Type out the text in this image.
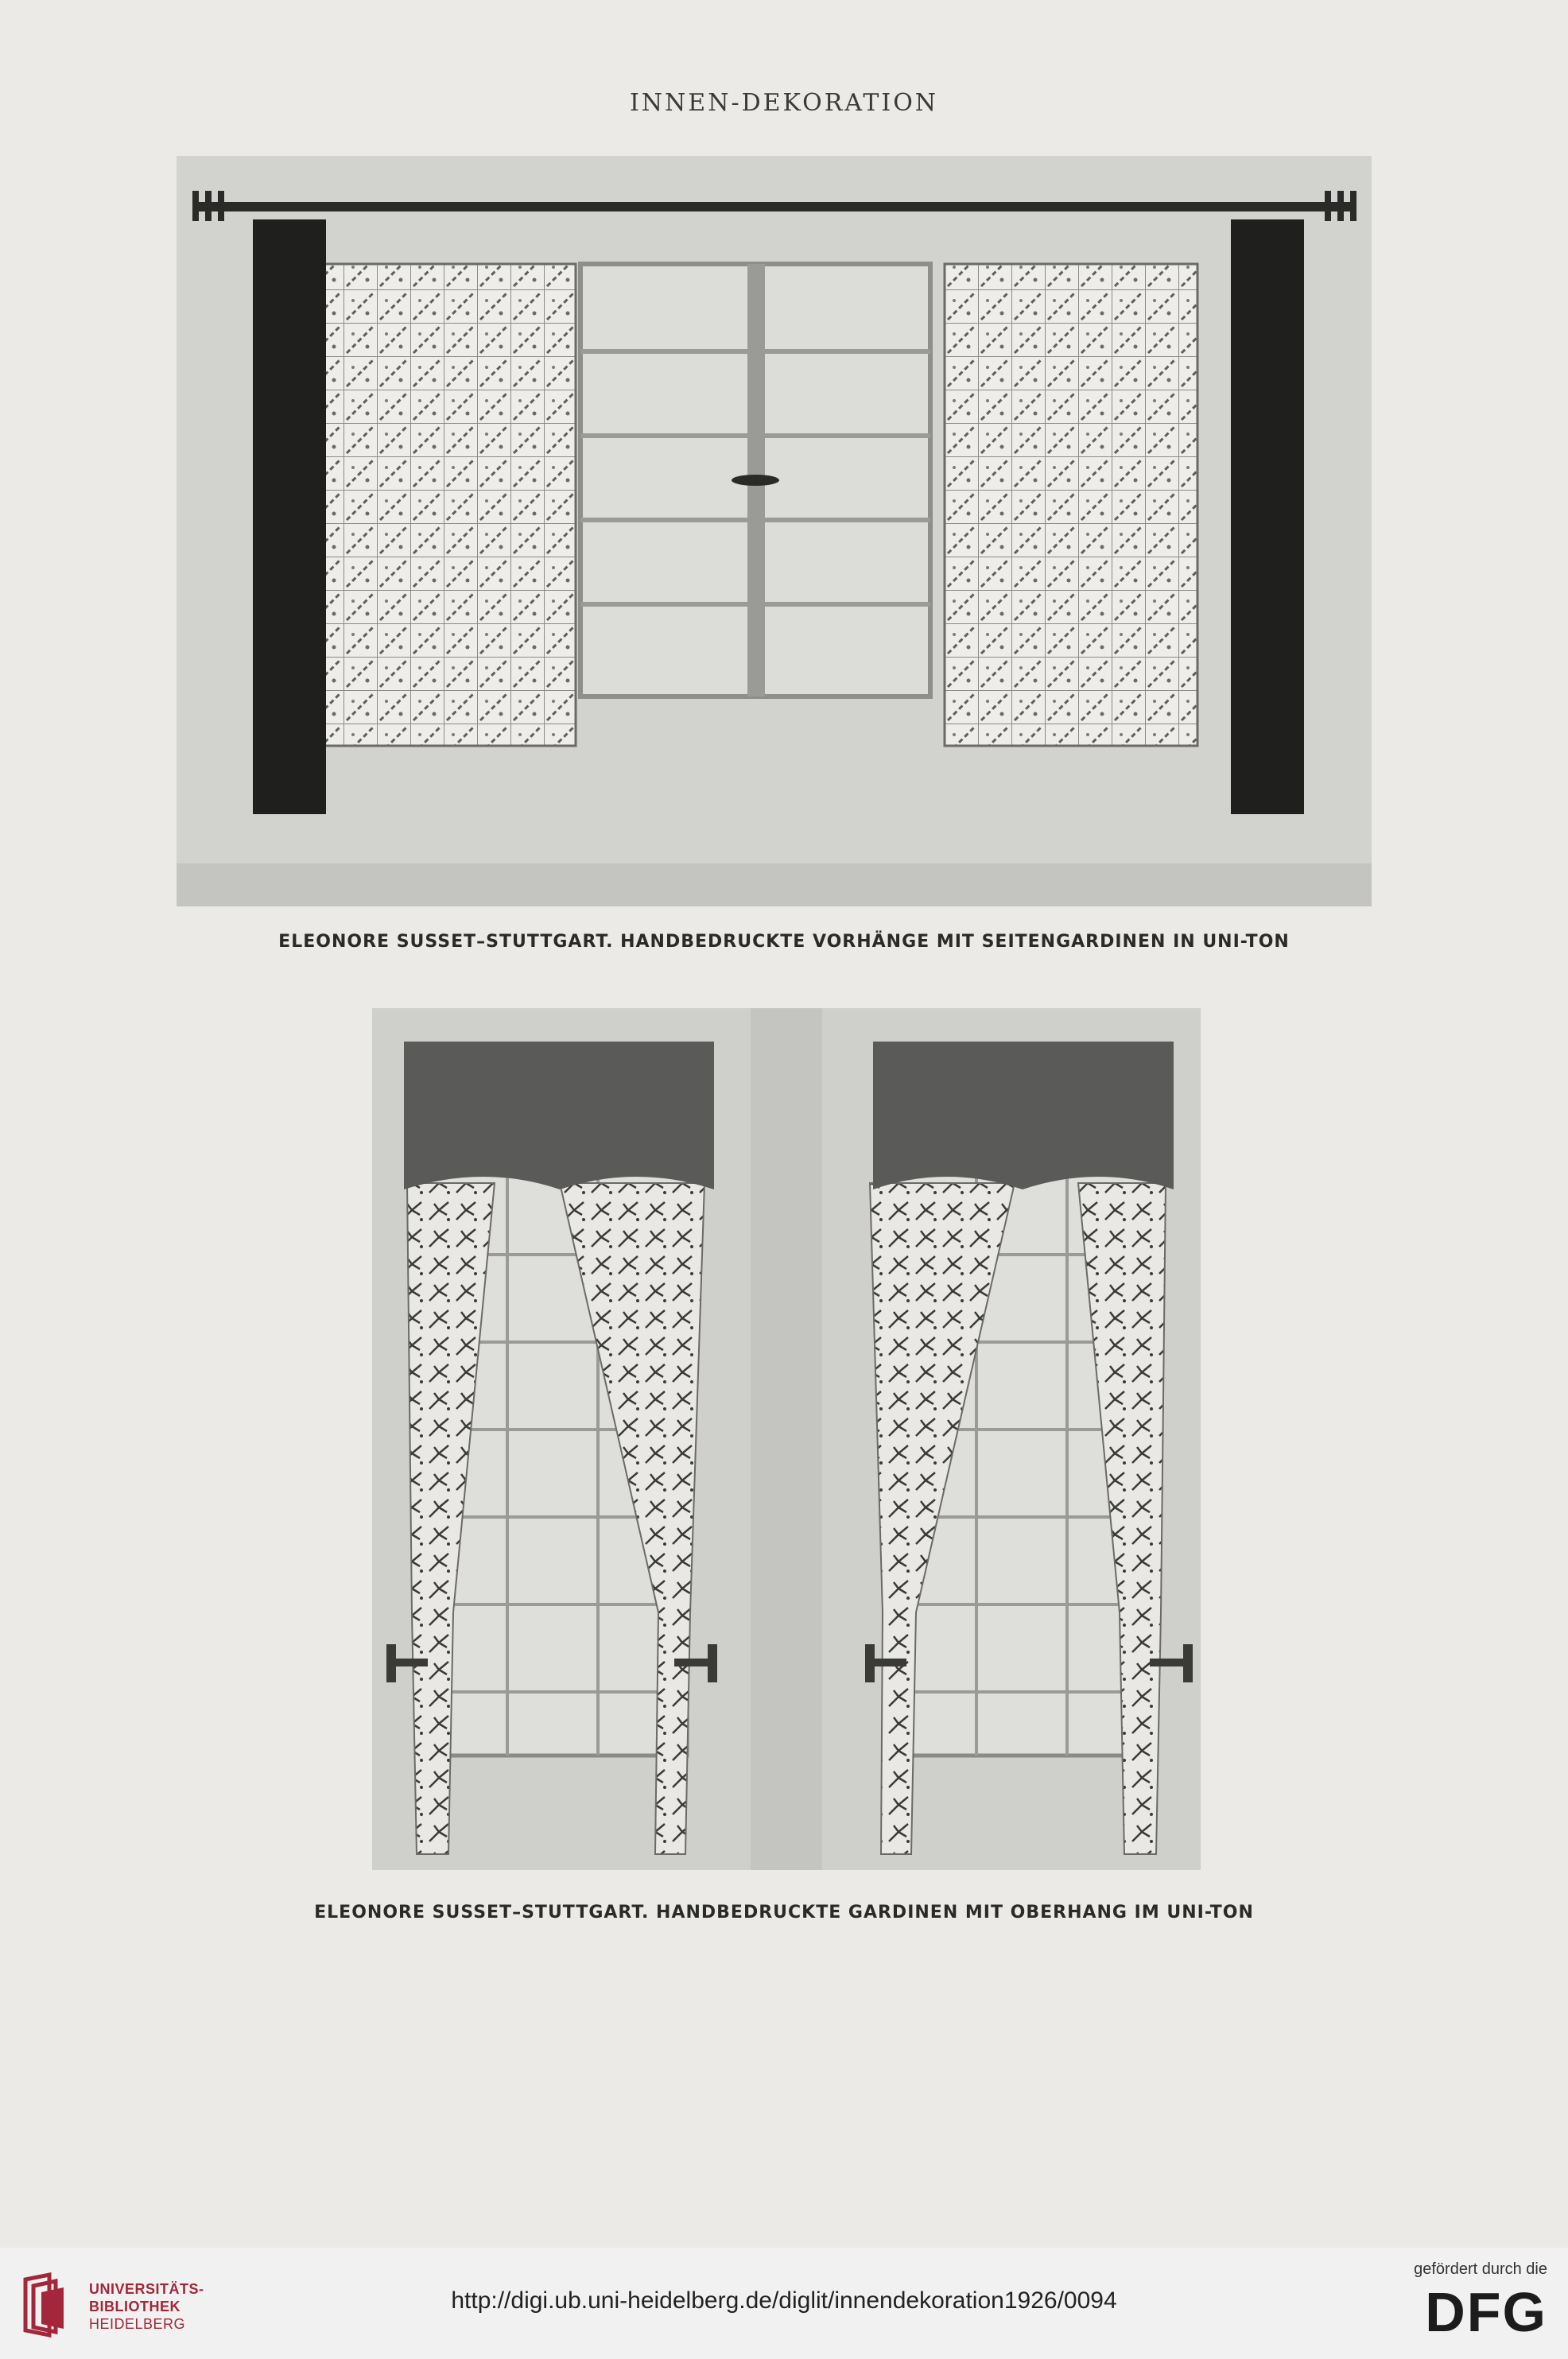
INNEN-DEKORATION
ELEONORE SUSSET–STUTTGART. HANDBEDRUCKTE VORHÄNGE MIT SEITENGARDINEN IN UNI-TON
ELEONORE SUSSET–STUTTGART. HANDBEDRUCKTE GARDINEN MIT OBERHANG IM UNI-TON
UNIVERSITÄTS-
BIBLIOTHEK
HEIDELBERG
http://digi.ub.uni-heidelberg.de/diglit/innendekoration1926/0094
gefördert durch die
DFG
